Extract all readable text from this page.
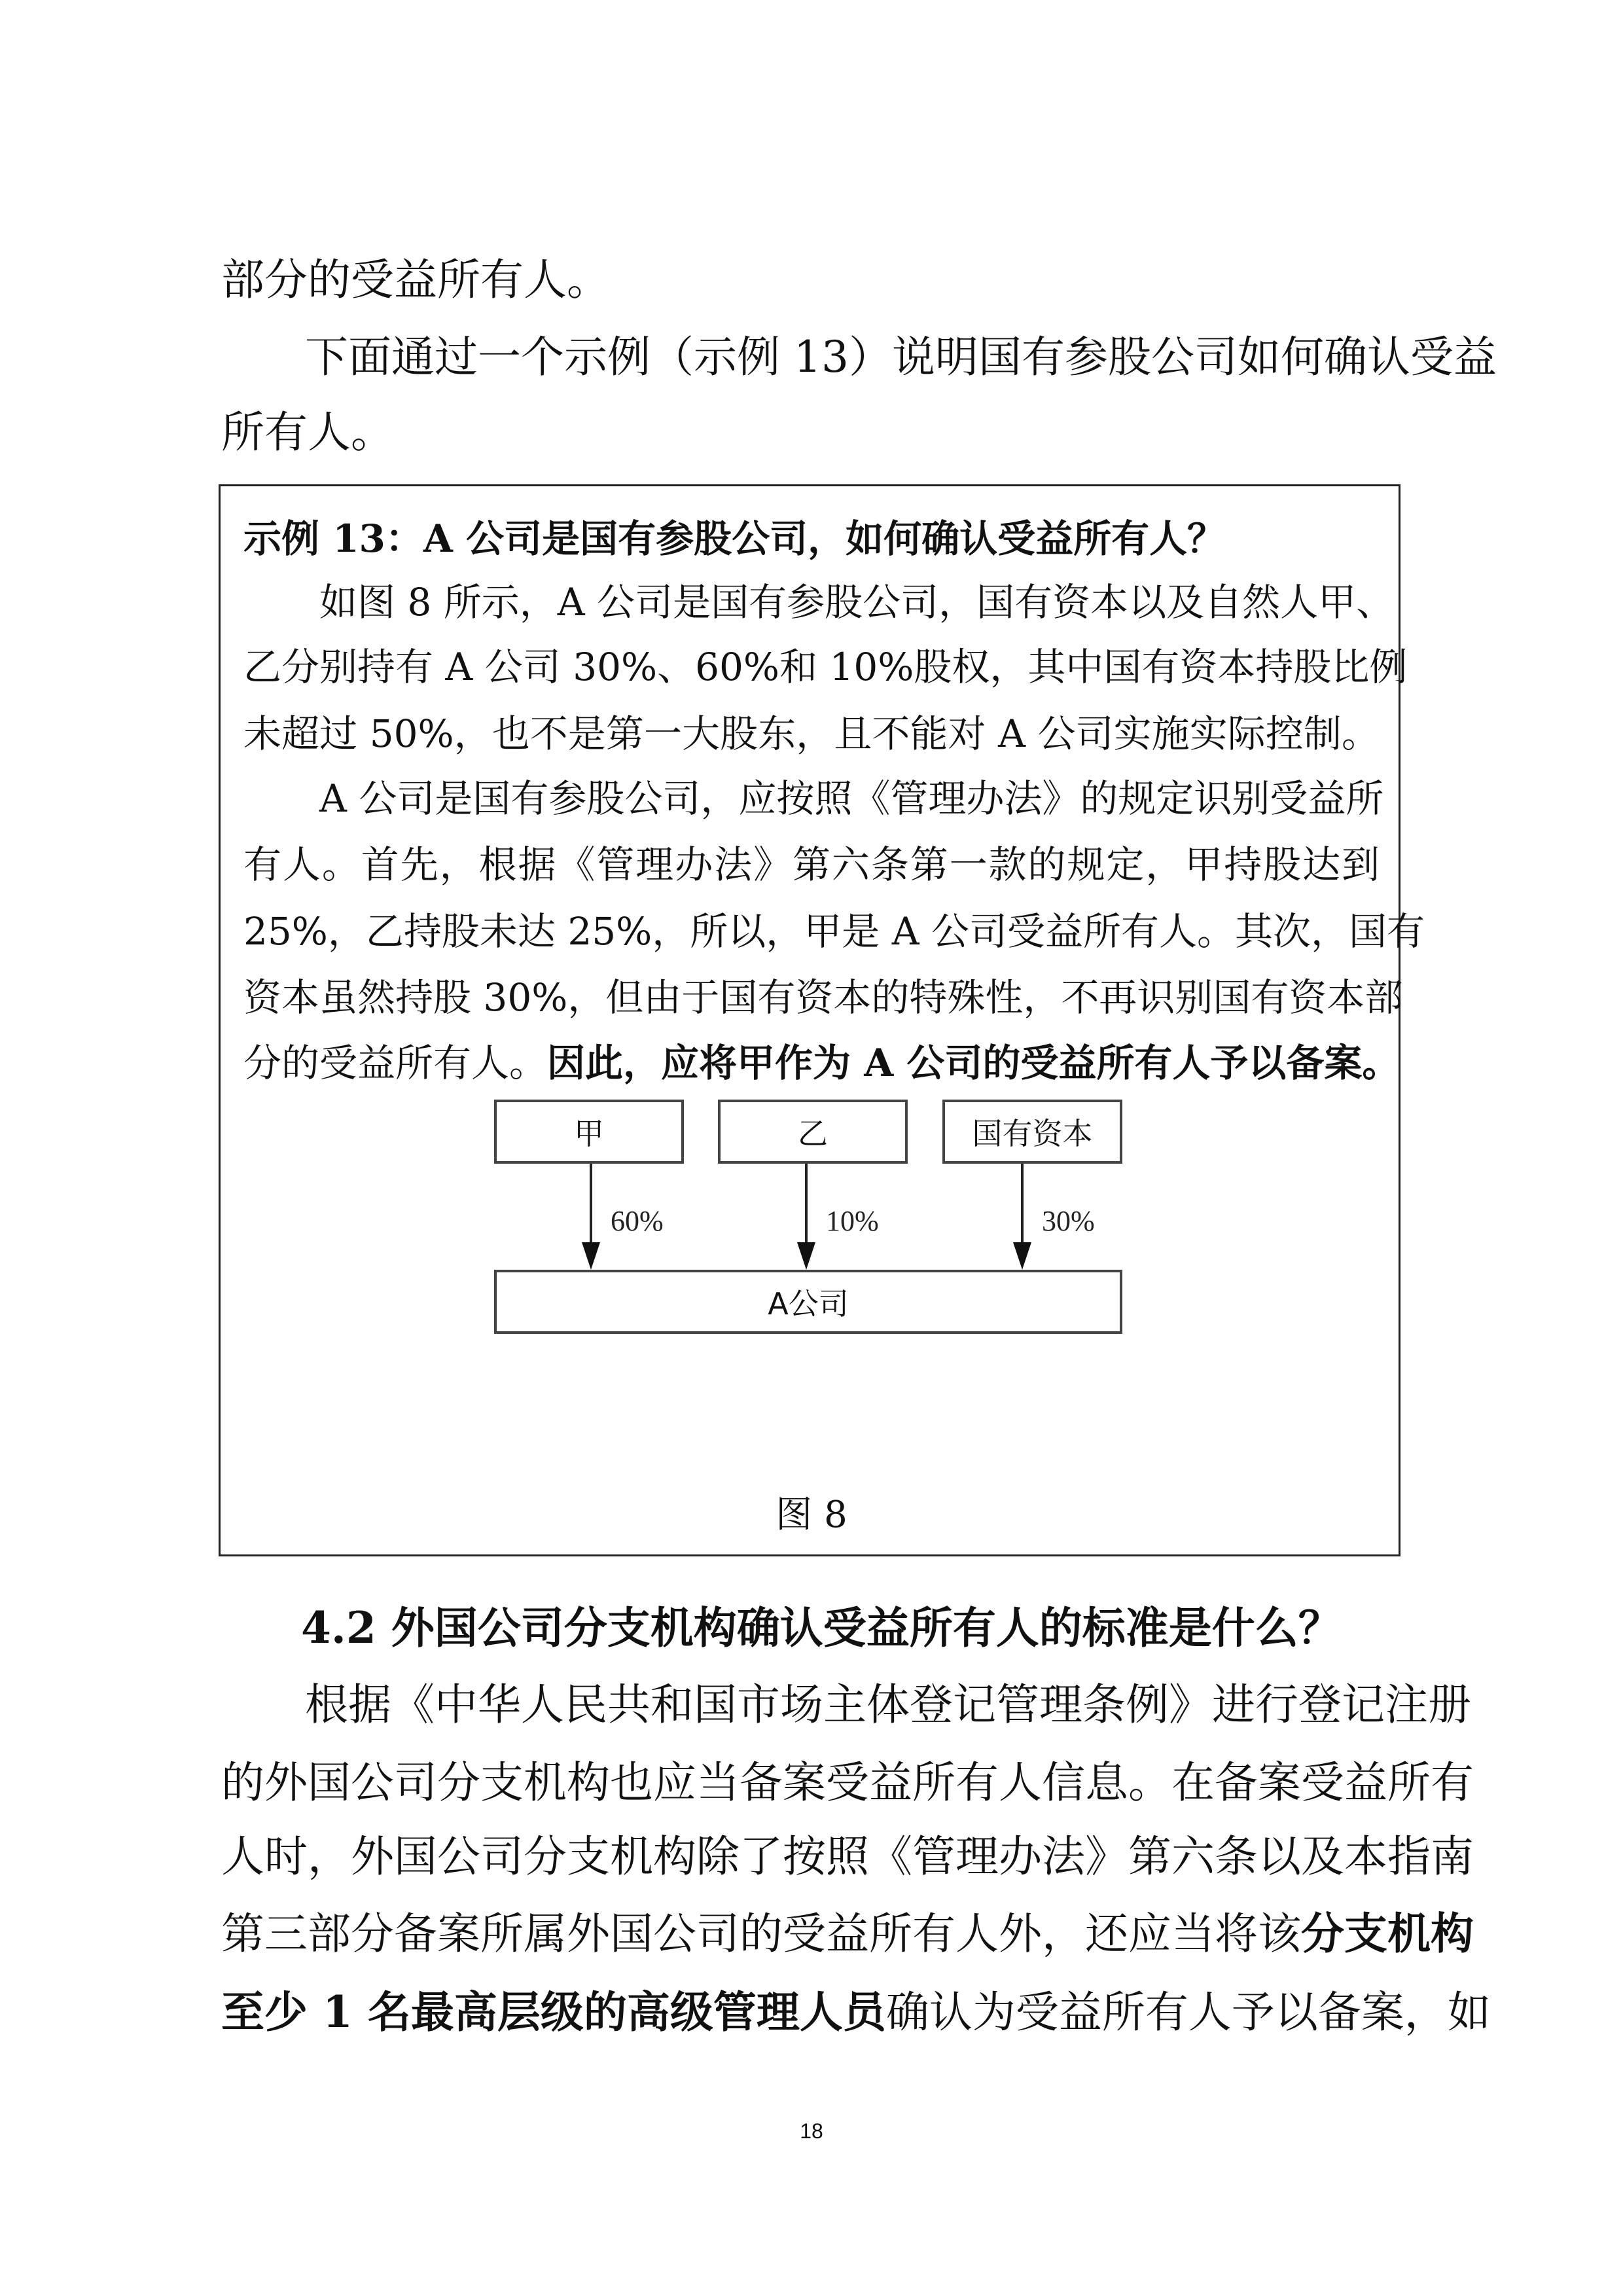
部分的受益所有人。
下面通过一个示例（示例 13）说明国有参股公司如何确认受益
所有人。
示例 13：A 公司是国有参股公司，如何确认受益所有人？
如图 8 所示，A 公司是国有参股公司，国有资本以及自然人甲、
乙分别持有 A 公司 30%、60%和 10%股权，其中国有资本持股比例
未超过 50%，也不是第一大股东，且不能对 A 公司实施实际控制。
A 公司是国有参股公司，应按照《管理办法》的规定识别受益所
有人。首先，根据《管理办法》第六条第一款的规定，甲持股达到
25%，乙持股未达 25%，所以，甲是 A 公司受益所有人。其次，国有
资本虽然持股 30%，但由于国有资本的特殊性，不再识别国有资本部
分的受益所有人。因此，应将甲作为 A 公司的受益所有人予以备案。
甲	乙	国有资本
60%	10%	30%
A公司
图 8
4.2 外国公司分支机构确认受益所有人的标准是什么？
根据《中华人民共和国市场主体登记管理条例》进行登记注册
的外国公司分支机构也应当备案受益所有人信息。在备案受益所有
人时，外国公司分支机构除了按照《管理办法》第六条以及本指南
第三部分备案所属外国公司的受益所有人外，还应当将该分支机构
至少 1 名最高层级的高级管理人员确认为受益所有人予以备案，如
18
